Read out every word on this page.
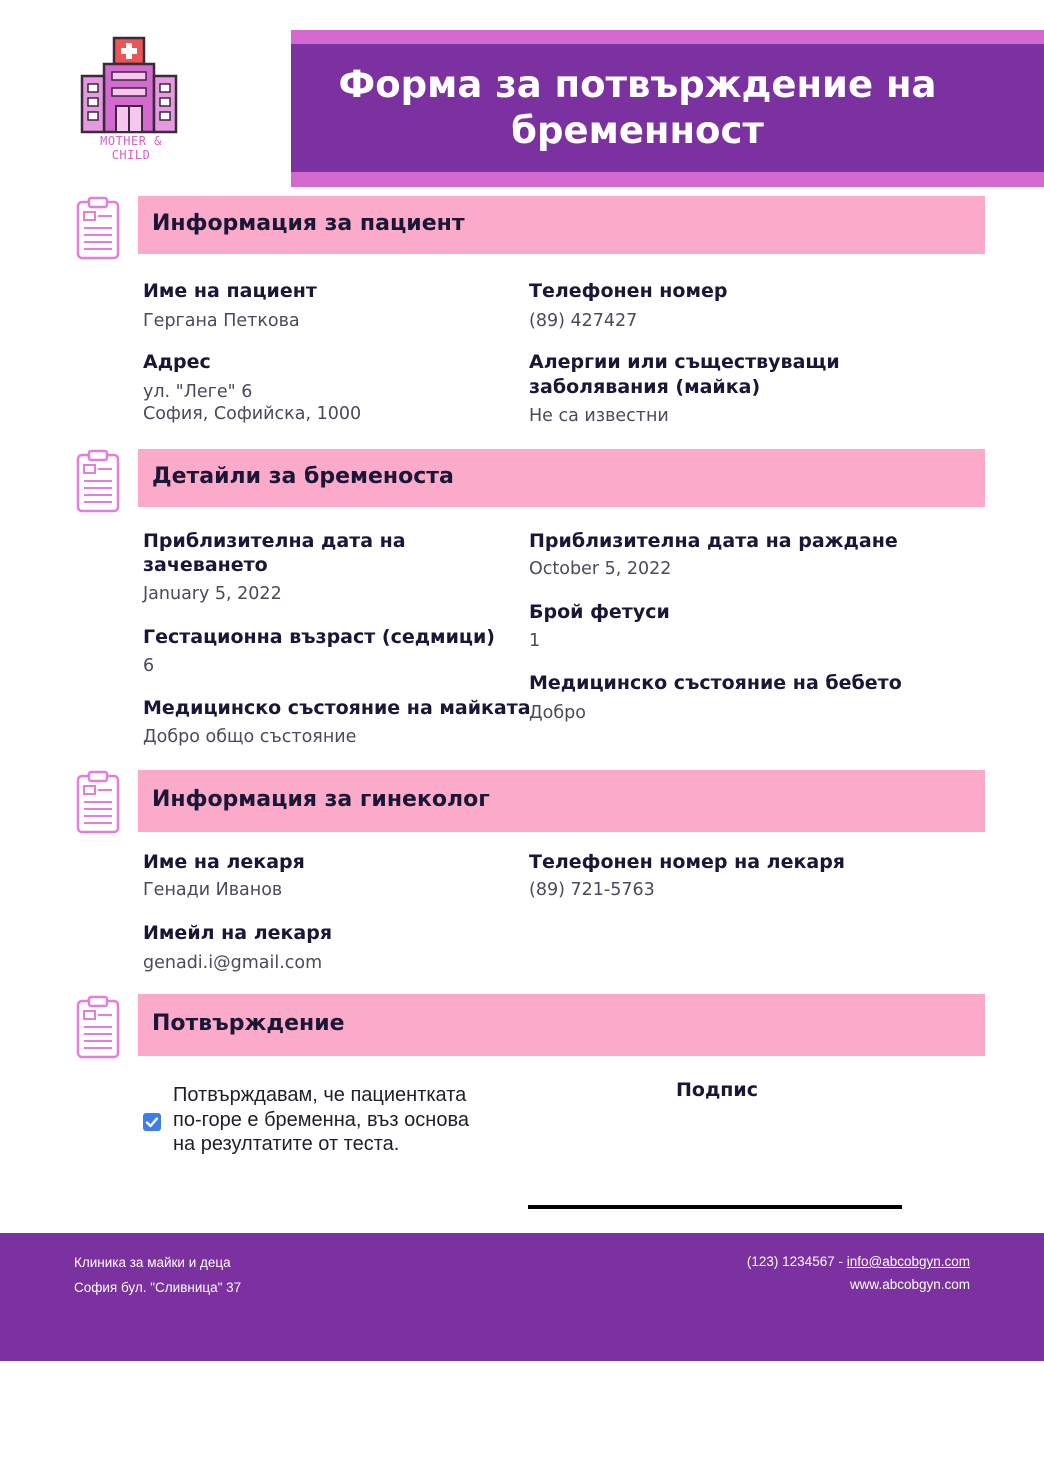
MOTHER & CHILD
Форма за потвърждение на бременност
Информация за пациент
Име на пациент
Гергана Петкова
Телефонен номер
(89) 427427
Адрес
ул. "Леге" 6
София, Софийска, 1000
Алергии или съществуващи
заболявания (майка)
Не са известни
Детайли за бременоста
Приблизителна дата на
зачеването
January 5, 2022
Приблизителна дата на раждане
October 5, 2022
Брой фетуси
1
Гестационна възраст (седмици)
6
Медицинско състояние на бебето
Добро
Медицинско състояние на майката
Добро общо състояние
Информация за гинеколог
Име на лекаря
Генади Иванов
Телефонен номер на лекаря
(89) 721-5763
Имейл на лекаря
genadi.i@gmail.com
Потвърждение
Потвърждавам, че пациентката
по-горе е бременна, въз основа
на резултатите от теста.
Подпис
Клиника за майки и деца
София бул. "Сливница" 37
(123) 1234567 - info@abcobgyn.com
www.abcobgyn.com
